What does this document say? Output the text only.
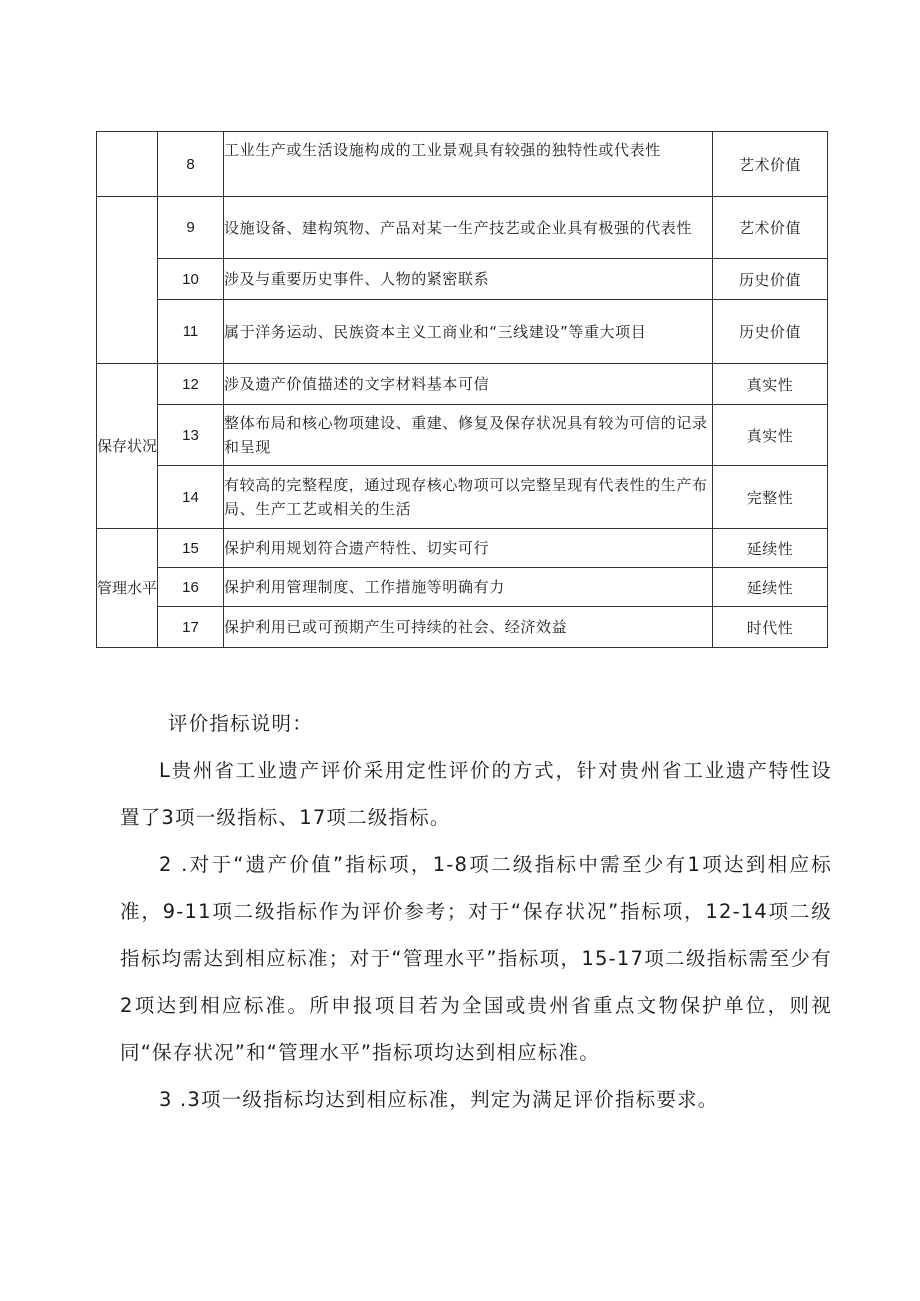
	8	工业生产或生活设施构成的工业景观具有较强的独特性或代表性	艺术价值
	9	设施设备、建构筑物、产品对某一生产技艺或企业具有极强的代表性	艺术价值
	10	涉及与重要历史事件、人物的紧密联系	历史价值
	11	属于洋务运动、民族资本主义工商业和“三线建设”等重大项目	历史价值
保存状况	12	涉及遗产价值描述的文字材料基本可信	真实性
	13	整体布局和核心物项建设、重建、修复及保存状况具有较为可信的记录和呈现	真实性
	14	有较高的完整程度，通过现存核心物项可以完整呈现有代表性的生产布局、生产工艺或相关的生活	完整性
管理水平	15	保护利用规划符合遗产特性、切实可行	延续性
	16	保护利用管理制度、工作措施等明确有力	延续性
	17	保护利用已或可预期产生可持续的社会、经济效益	时代性

评价指标说明：

L贵州省工业遗产评价采用定性评价的方式，针对贵州省工业遗产特性设置了3项一级指标、17项二级指标。

2 .对于“遗产价值”指标项，1-8项二级指标中需至少有1项达到相应标准，9-11项二级指标作为评价参考；对于“保存状况”指标项，12-14项二级指标均需达到相应标准；对于“管理水平”指标项，15-17项二级指标需至少有2项达到相应标准。所申报项目若为全国或贵州省重点文物保护单位，则视同“保存状况”和“管理水平”指标项均达到相应标准。

3 .3项一级指标均达到相应标准，判定为满足评价指标要求。
